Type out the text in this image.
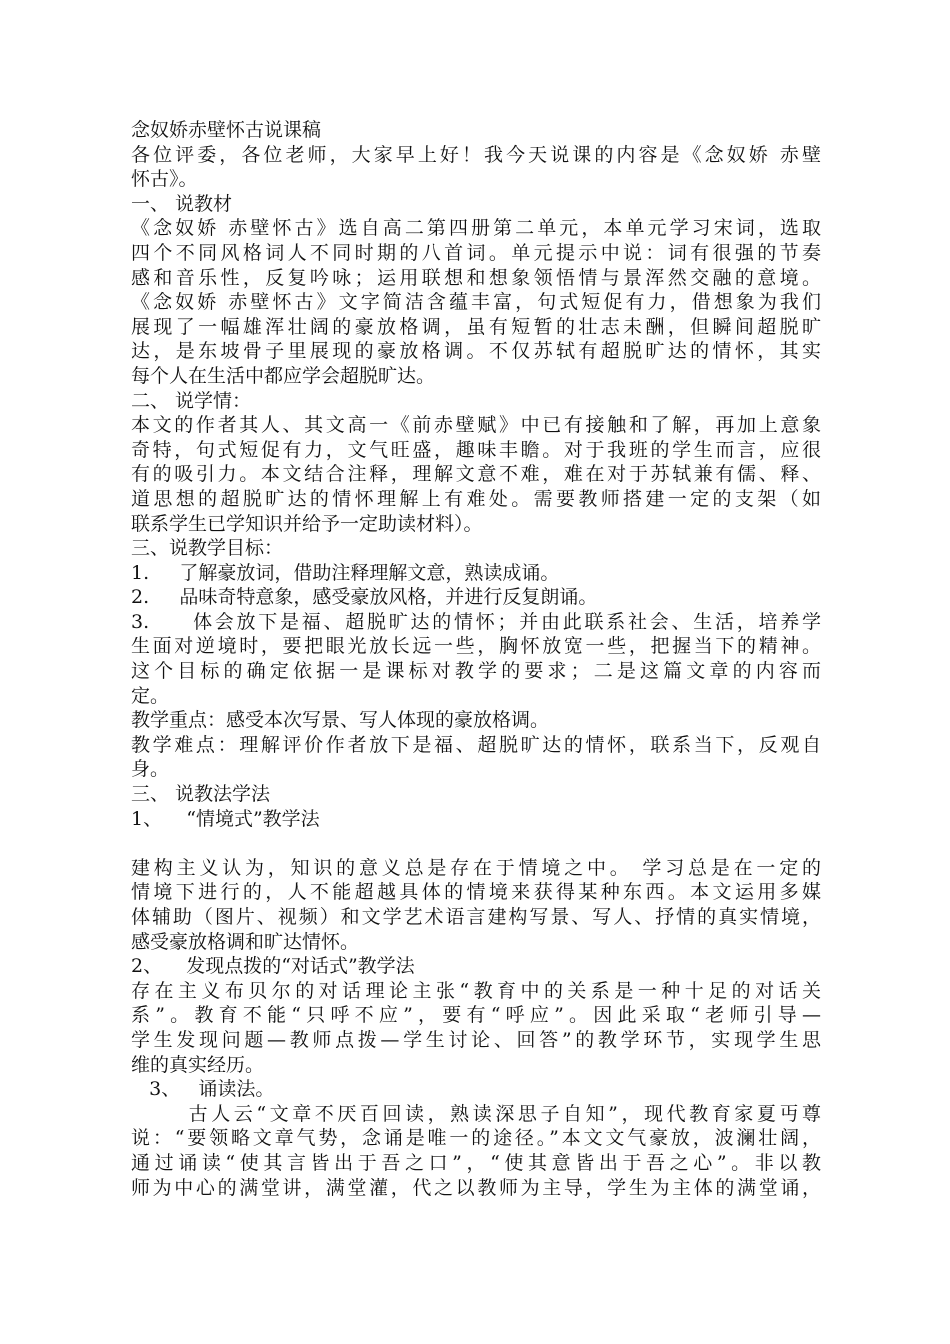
念奴娇赤壁怀古说课稿
各位评委，各位老师，大家早上好！我今天说课的内容是《念奴娇 赤壁
怀古》。
一、 说教材
《念奴娇 赤壁怀古》选自高二第四册第二单元，本单元学习宋词，选取
四个不同风格词人不同时期的八首词。单元提示中说：词有很强的节奏
感和音乐性，反复吟咏；运用联想和想象领悟情与景浑然交融的意境。
《念奴娇 赤壁怀古》文字简洁含蕴丰富，句式短促有力，借想象为我们
展现了一幅雄浑壮阔的豪放格调，虽有短暂的壮志未酬，但瞬间超脱旷
达，是东坡骨子里展现的豪放格调。不仅苏轼有超脱旷达的情怀，其实
每个人在生活中都应学会超脱旷达。
二、 说学情：
本文的作者其人、其文高一《前赤壁赋》中已有接触和了解，再加上意象
奇特，句式短促有力，文气旺盛，趣味丰瞻。对于我班的学生而言，应很
有的吸引力。本文结合注释，理解文意不难，难在对于苏轼兼有儒、释、
道思想的超脱旷达的情怀理解上有难处。需要教师搭建一定的支架（如
联系学生已学知识并给予一定助读材料）。
三、说教学目标：
1.     了解豪放词，借助注释理解文意，熟读成诵。
2.     品味奇特意象，感受豪放风格，并进行反复朗诵。
3.     体会放下是福、超脱旷达的情怀；并由此联系社会、生活，培养学
生面对逆境时，要把眼光放长远一些，胸怀放宽一些，把握当下的精神。
这个目标的确定依据一是课标对教学的要求；二是这篇文章的内容而
定。
教学重点：感受本次写景、写人体现的豪放格调。
教学难点：理解评价作者放下是福、超脱旷达的情怀，联系当下，反观自
身。
三、 说教法学法
1、    “情境式”教学法
建构主义认为，知识的意义总是存在于情境之中。 学习总是在一定的
情境下进行的，人不能超越具体的情境来获得某种东西。本文运用多媒
体辅助（图片、视频）和文学艺术语言建构写景、写人、抒情的真实情境，
感受豪放格调和旷达情怀。
2、    发现点拨的“对话式”教学法
存在主义布贝尔的对话理论主张“教育中的关系是一种十足的对话关
系”。教育不能“只呼不应”，要有“呼应”。因此采取“老师引导—
学生发现问题—教师点拨—学生讨论、回答”的教学环节，实现学生思
维的真实经历。
3、   诵读法。
古人云“文章不厌百回读，熟读深思子自知”，现代教育家夏丏尊
说：“要领略文章气势，念诵是唯一的途径。”本文文气豪放，波澜壮阔，
通过诵读“使其言皆出于吾之口”，“使其意皆出于吾之心”。非以教
师为中心的满堂讲，满堂灌，代之以教师为主导，学生为主体的满堂诵，
